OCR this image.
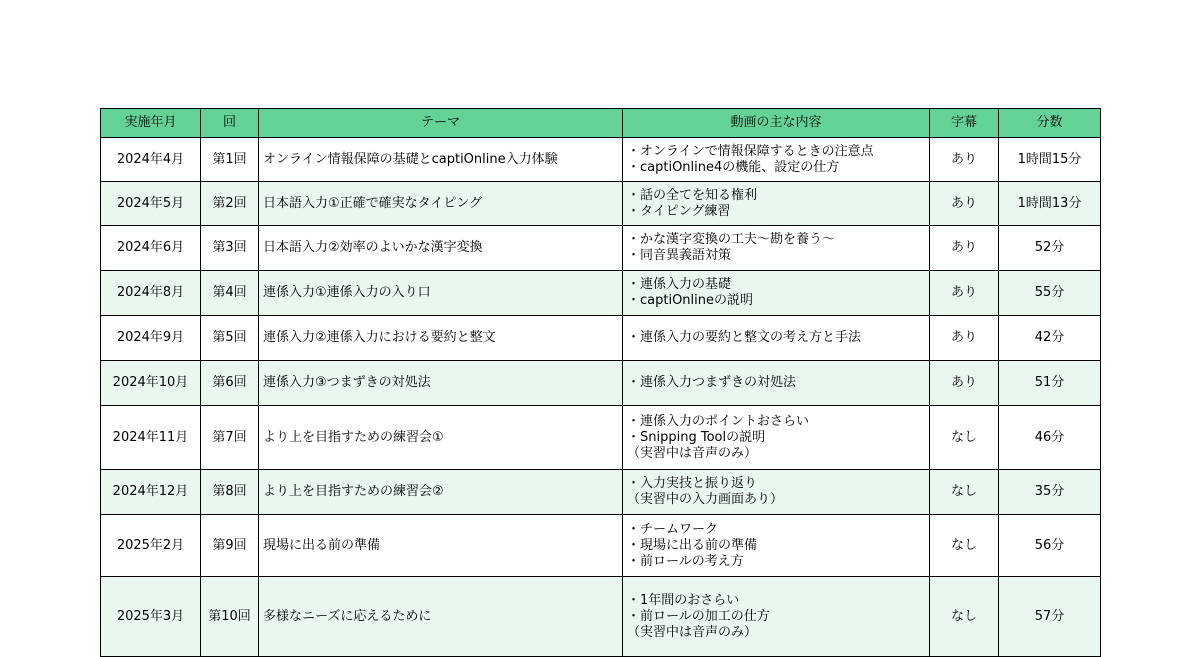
実施年月	回	テーマ	動画の主な内容	字幕	分数
2024年4月	第1回	オンライン情報保障の基礎とcaptiOnline入力体験	・オンラインで情報保障するときの注意点
・captiOnline4の機能、設定の仕方	あり	1時間15分
2024年5月	第2回	日本語入力①正確で確実なタイピング	・話の全てを知る権利
・タイピング練習	あり	1時間13分
2024年6月	第3回	日本語入力②効率のよいかな漢字変換	・かな漢字変換の工夫～勘を養う～
・同音異義語対策	あり	52分
2024年8月	第4回	連係入力①連係入力の入り口	・連係入力の基礎
・captiOnlineの説明	あり	55分
2024年9月	第5回	連係入力②連係入力における要約と整文	・連係入力の要約と整文の考え方と手法	あり	42分
2024年10月	第6回	連係入力③つまずきの対処法	・連係入力つまずきの対処法	あり	51分
2024年11月	第7回	より上を目指すための練習会①	・連係入力のポイントおさらい
・Snipping Toolの説明
（実習中は音声のみ）	なし	46分
2024年12月	第8回	より上を目指すための練習会②	・入力実技と振り返り
（実習中の入力画面あり）	なし	35分
2025年2月	第9回	現場に出る前の準備	・チームワーク
・現場に出る前の準備
・前ロールの考え方	なし	56分
2025年3月	第10回	多様なニーズに応えるために	・1年間のおさらい
・前ロールの加工の仕方
（実習中は音声のみ）	なし	57分
